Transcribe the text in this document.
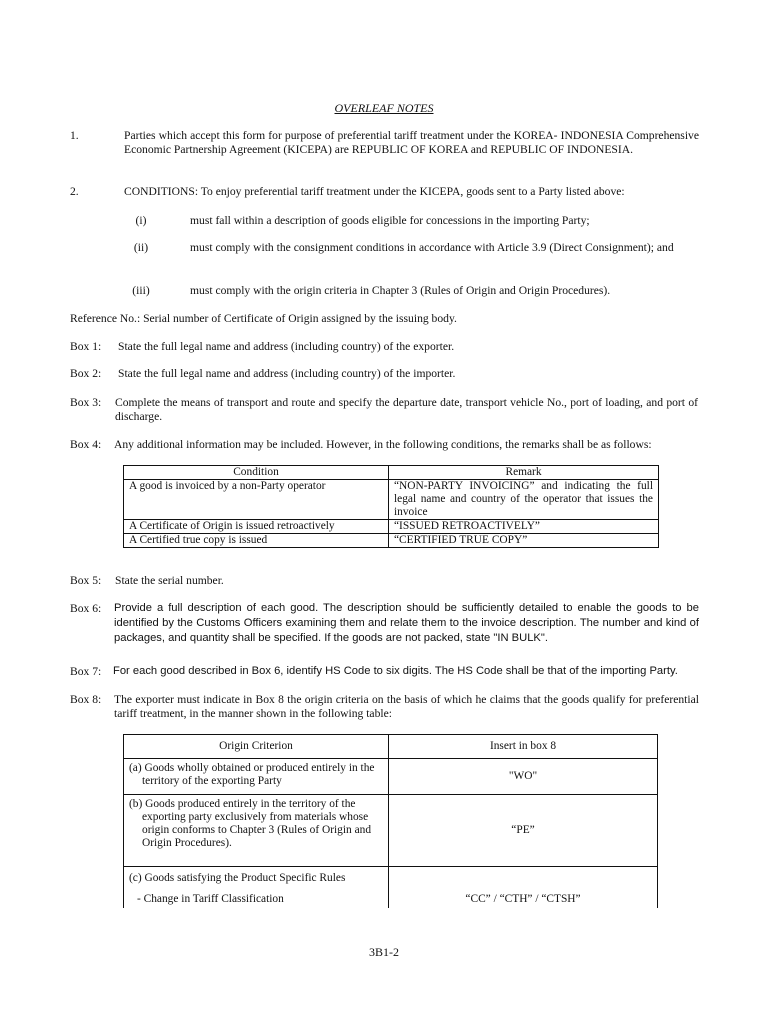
OVERLEAF NOTES
1.	Parties which accept this form for purpose of preferential tariff treatment under the KOREA- INDONESIA Comprehensive Economic Partnership Agreement (KICEPA) are REPUBLIC OF KOREA and REPUBLIC OF INDONESIA.
2.	CONDITIONS: To enjoy preferential tariff treatment under the KICEPA, goods sent to a Party listed above:
(i)	must fall within a description of goods eligible for concessions in the importing Party;
(ii)	must comply with the consignment conditions in accordance with Article 3.9 (Direct Consignment); and
(iii)	must comply with the origin criteria in Chapter 3 (Rules of Origin and Origin Procedures).
Reference No.: Serial number of Certificate of Origin assigned by the issuing body.
Box 1: State the full legal name and address (including country) of the exporter.
Box 2: State the full legal name and address (including country) of the importer.
Box 3: Complete the means of transport and route and specify the departure date, transport vehicle No., port of loading, and port of discharge.
Box 4: Any additional information may be included. However, in the following conditions, the remarks shall be as follows:
Condition	Remark
A good is invoiced by a non-Party operator	“NON-PARTY INVOICING” and indicating the full legal name and country of the operator that issues the invoice
A Certificate of Origin is issued retroactively	“ISSUED RETROACTIVELY”
A Certified true copy is issued	“CERTIFIED TRUE COPY”
Box 5: State the serial number.
Box 6: Provide a full description of each good. The description should be sufficiently detailed to enable the goods to be identified by the Customs Officers examining them and relate them to the invoice description. The number and kind of packages, and quantity shall be specified. If the goods are not packed, state "IN BULK".
Box 7: For each good described in Box 6, identify HS Code to six digits. The HS Code shall be that of the importing Party.
Box 8: The exporter must indicate in Box 8 the origin criteria on the basis of which he claims that the goods qualify for preferential tariff treatment, in the manner shown in the following table:
Origin Criterion	Insert in box 8

(a) Goods wholly obtained or produced entirely in the territory of the exporting Party	"WO"

(b) Goods produced entirely in the territory of the exporting party exclusively from materials whose origin conforms to Chapter 3 (Rules of Origin and Origin Procedures).	“PE”

(c) Goods satisfying the Product Specific Rules
- Change in Tariff Classification	“CC” / “CTH” / “CTSH”
3B1-2
